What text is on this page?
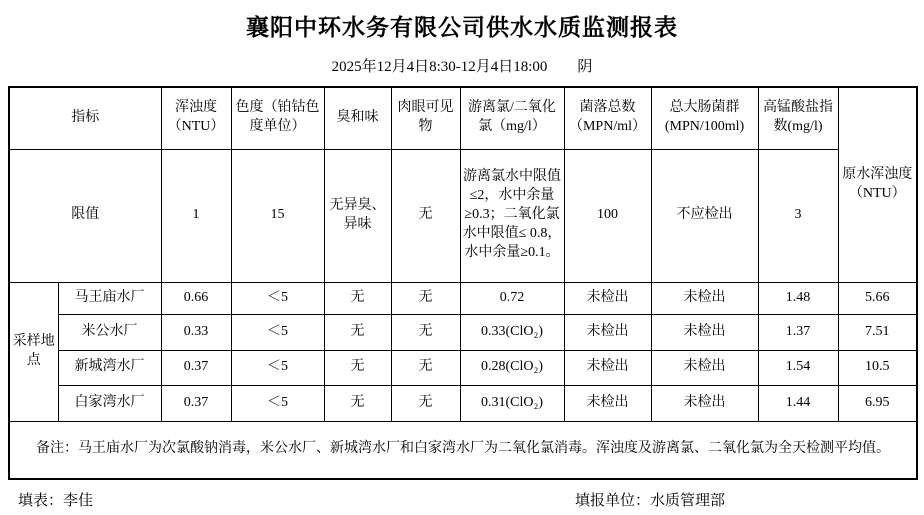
襄阳中环水务有限公司供水水质监测报表
2025年12月4日8:30-12月4日18:00　　阴
指标		浑浊度（NTU）	色度（铂钴色度单位）	臭和味	肉眼可见物	游离氯/二氧化氯（mg/l）	菌落总数（MPN/ml）	总大肠菌群(MPN/100ml)	高锰酸盐指数(mg/l)	原水浑浊度（NTU）
限值		1	15	无异臭、异味	无	游离氯水中限值 ≤2，水中余量≥0.3；二氧化氯水中限值≤ 0.8，水中余量≥0.1。	100	不应检出	3	
采样地点	马王庙水厂	0.66	＜5	无	无	0.72	未检出	未检出	1.48	5.66
	米公水厂	0.33	＜5	无	无	0.33(ClO₂)	未检出	未检出	1.37	7.51
	新城湾水厂	0.37	＜5	无	无	0.28(ClO₂)	未检出	未检出	1.54	10.5
	白家湾水厂	0.37	＜5	无	无	0.31(ClO₂)	未检出	未检出	1.44	6.95
备注：马王庙水厂为次氯酸钠消毒，米公水厂、新城湾水厂和白家湾水厂为二氧化氯消毒。浑浊度及游离氯、二氧化氯为全天检测平均值。										
填表：李佳	填报单位：水质管理部
